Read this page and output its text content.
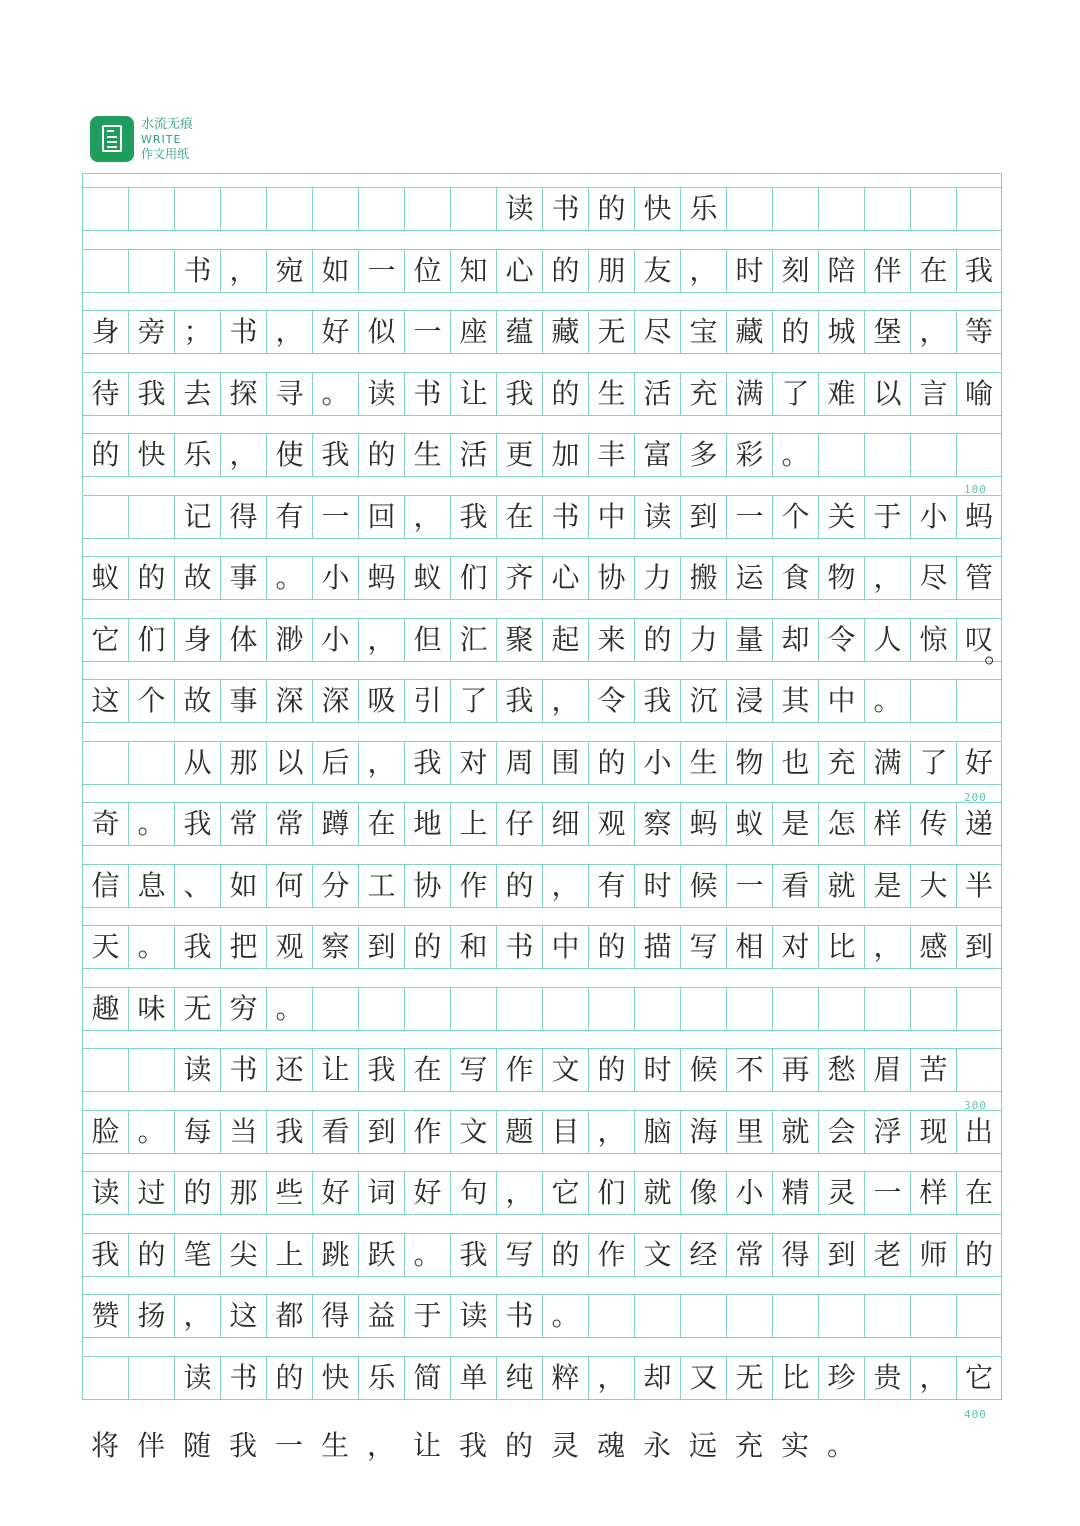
水流无痕
WRITE
作文用纸
读 书 的 快 乐
书 ， 宛 如 一 位 知 心 的 朋 友 ， 时 刻 陪 伴 在 我
身 旁 ； 书 ， 好 似 一 座 蕴 藏 无 尽 宝 藏 的 城 堡 ， 等
待 我 去 探 寻 。 读 书 让 我 的 生 活 充 满 了 难 以 言 喻
的 快 乐 ， 使 我 的 生 活 更 加 丰 富 多 彩 。
记 得 有 一 回 ， 我 在 书 中 读 到 一 个 关 于 小 蚂
蚁 的 故 事 。 小 蚂 蚁 们 齐 心 协 力 搬 运 食 物 ， 尽 管
它 们 身 体 渺 小 ， 但 汇 聚 起 来 的 力 量 却 令 人 惊 叹
这 个 故 事 深 深 吸 引 了 我 ， 令 我 沉 浸 其 中 。
从 那 以 后 ， 我 对 周 围 的 小 生 物 也 充 满 了 好
奇 。 我 常 常 蹲 在 地 上 仔 细 观 察 蚂 蚁 是 怎 样 传 递
信 息 、 如 何 分 工 协 作 的 ， 有 时 候 一 看 就 是 大 半
天 。 我 把 观 察 到 的 和 书 中 的 描 写 相 对 比 ， 感 到
趣 味 无 穷 。
读 书 还 让 我 在 写 作 文 的 时 候 不 再 愁 眉 苦
脸 。 每 当 我 看 到 作 文 题 目 ， 脑 海 里 就 会 浮 现 出
读 过 的 那 些 好 词 好 句 ， 它 们 就 像 小 精 灵 一 样 在
我 的 笔 尖 上 跳 跃 。 我 写 的 作 文 经 常 得 到 老 师 的
赞 扬 ， 这 都 得 益 于 读 书 。
读 书 的 快 乐 简 单 纯 粹 ， 却 又 无 比 珍 贵 ， 它
。
将 伴 随 我 一 生 ， 让 我 的 灵 魂 永 远 充 实 。
100
200
300
400
